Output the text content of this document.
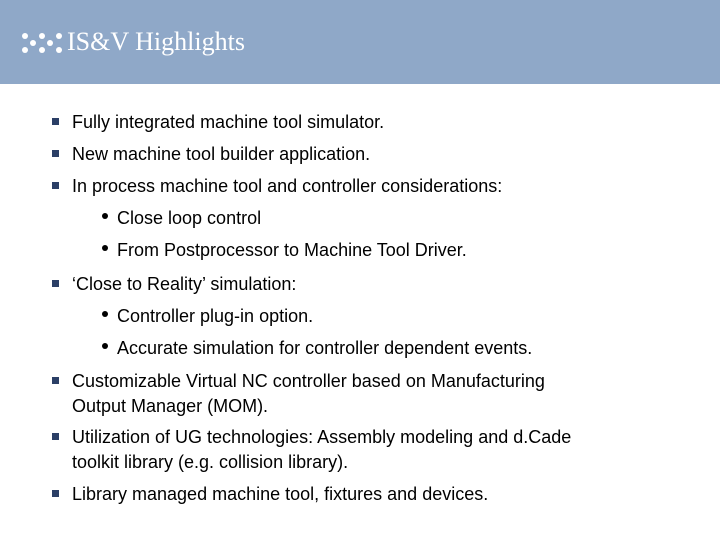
IS&V Highlights
Fully integrated machine tool simulator.
New machine tool builder application.
In process machine tool and controller considerations:
Close loop control
From Postprocessor to Machine Tool Driver.
‘Close to Reality’ simulation:
Controller plug-in option.
Accurate simulation for controller dependent events.
Customizable Virtual NC controller based on Manufacturing
Output Manager (MOM).
Utilization of UG technologies: Assembly modeling and d.Cade
toolkit library (e.g. collision library).
Library managed machine tool, fixtures and devices.
